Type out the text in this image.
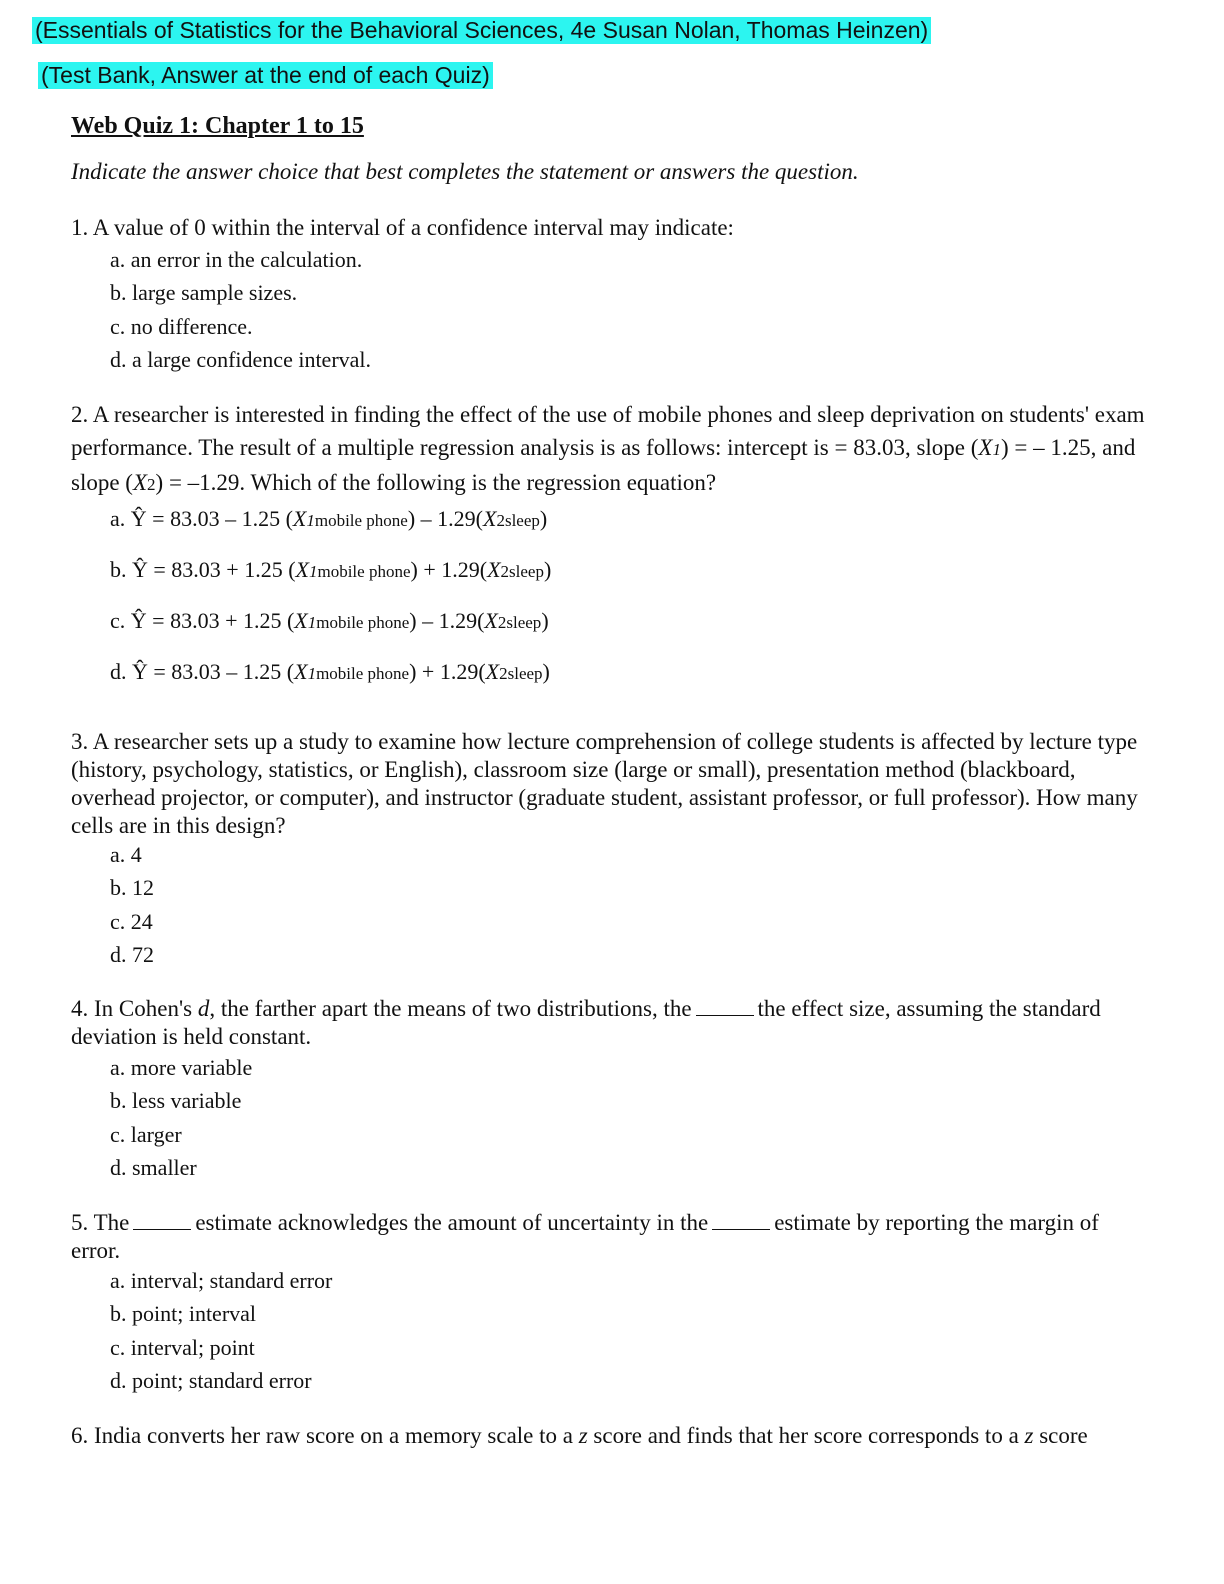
(Essentials of Statistics for the Behavioral Sciences, 4e Susan Nolan, Thomas Heinzen)
(Test Bank, Answer at the end of each Quiz)
Web Quiz 1: Chapter 1 to 15
Indicate the answer choice that best completes the statement or answers the question.
1. A value of 0 within the interval of a confidence interval may indicate:
a. an error in the calculation.
b. large sample sizes.
c. no difference.
d. a large confidence interval.
2. A researcher is interested in finding the effect of the use of mobile phones and sleep deprivation on students' exam performance. The result of a multiple regression analysis is as follows: intercept is = 83.03, slope (X1) = – 1.25, and slope (X2) = –1.29. Which of the following is the regression equation?
a. Ŷ = 83.03 – 1.25 (X1mobile phone) – 1.29(X2sleep)
b. Ŷ = 83.03 + 1.25 (X1mobile phone) + 1.29(X2sleep)
c. Ŷ = 83.03 + 1.25 (X1mobile phone) – 1.29(X2sleep)
d. Ŷ = 83.03 – 1.25 (X1mobile phone) + 1.29(X2sleep)
3. A researcher sets up a study to examine how lecture comprehension of college students is affected by lecture type (history, psychology, statistics, or English), classroom size (large or small), presentation method (blackboard, overhead projector, or computer), and instructor (graduate student, assistant professor, or full professor). How many cells are in this design?
a. 4
b. 12
c. 24
d. 72
4. In Cohen's d, the farther apart the means of two distributions, the	the effect size, assuming the standard deviation is held constant.
a. more variable
b. less variable
c. larger
d. smaller
5. The	estimate acknowledges the amount of uncertainty in the	estimate by reporting the margin of error.
a. interval; standard error
b. point; interval
c. interval; point
d. point; standard error
6. India converts her raw score on a memory scale to a z score and finds that her score corresponds to a z score
